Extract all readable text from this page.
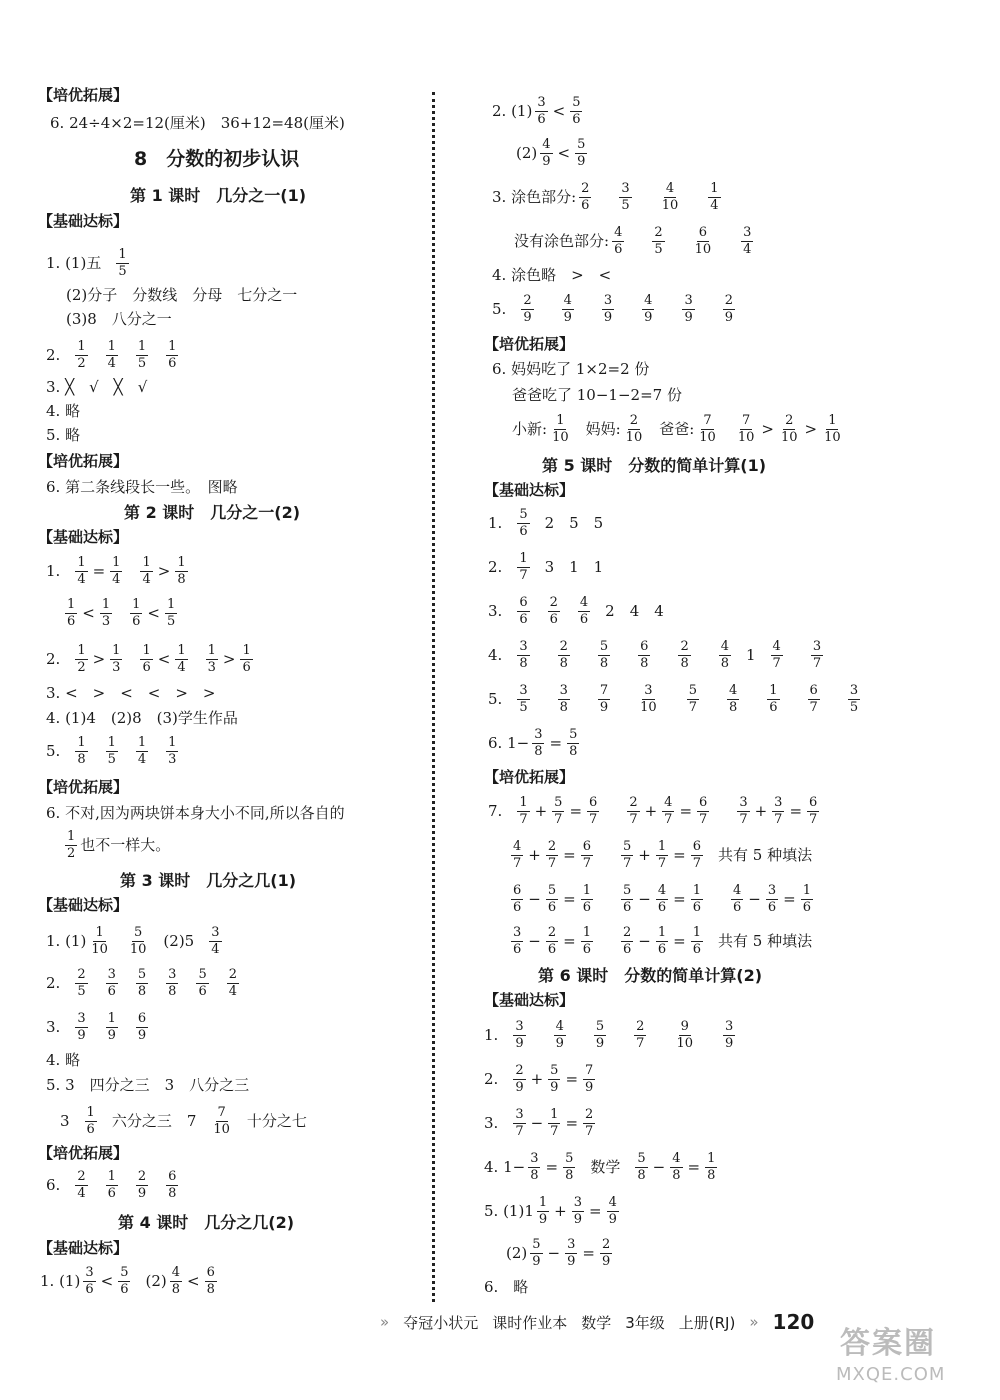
【培优拓展】
6. 24÷4×2=12(厘米)　36+12=48(厘米)
8　分数的初步认识
第 1 课时　几分之一(1)
【基础达标】
1. (1)五 $\frac{1}{5}$
(2)分子　分数线　分母　七分之一
(3)8　八分之一
2. $\frac{1}{2} \frac{1}{4} \frac{1}{5} \frac{1}{6}$
3. ╳　√　╳　√
4. 略
5. 略
【培优拓展】
6. 第二条线段长一些。　图略
第 2 课时　几分之一(2)
【基础达标】
1. $\frac{1}{4} = \frac{1}{4} \frac{1}{4} > \frac{1}{8}$
$\frac{1}{6} < \frac{1}{3} \frac{1}{6} < \frac{1}{5}$
2. $\frac{1}{2} > \frac{1}{3} \frac{1}{6} < \frac{1}{4} \frac{1}{3} > \frac{1}{6}$
3. <　>　<　<　>　>
4. (1)4　(2)8　(3)学生作品
5. $\frac{1}{8} \frac{1}{5} \frac{1}{4} \frac{1}{3}$
【培优拓展】
6. 不对,因为两块饼本身大小不同,所以各自的
$\frac{1}{2}$ 也不一样大。
第 3 课时　几分之几(1)
【基础达标】
1. $(1) \frac{1}{10} \frac{5}{10} (2)5 \frac{3}{4}$
2. $\frac{2}{5} \frac{3}{6} \frac{5}{8} \frac{3}{8} \frac{5}{6} \frac{2}{4}$
3. $\frac{3}{9} \frac{1}{9} \frac{6}{9}$
4. 略
5. 3　四分之三　3　八分之三
$3 \frac{1}{6}$ 六分之三　$7 \frac{7}{10}$ 十分之七
【培优拓展】
6. $\frac{2}{4} \frac{1}{6} \frac{2}{9} \frac{6}{8}$
第 4 课时　几分之几(2)
【基础达标】
1. $(1) \frac{3}{6} < \frac{5}{6} (2) \frac{4}{8} < \frac{6}{8}$
2. $(1) \frac{3}{6} < \frac{5}{6}$
$(2) \frac{4}{9} < \frac{5}{9}$
3. 涂色部分: $\frac{2}{6} \frac{3}{5} \frac{4}{10} \frac{1}{4}$
没有涂色部分: $\frac{4}{6} \frac{2}{5} \frac{6}{10} \frac{3}{4}$
4. 涂色略　>　<
5. $\frac{2}{9} \frac{4}{9} \frac{3}{9} \frac{4}{9} \frac{3}{9} \frac{2}{9}$
【培优拓展】
6. 妈妈吃了 1×2=2 份
爸爸吃了 10−1−2=7 份
小新: $\frac{1}{10}$ 妈妈: $\frac{2}{10}$ 爸爸: $\frac{7}{10} \frac{7}{10} > \frac{2}{10} > \frac{1}{10}$
第 5 课时　分数的简单计算(1)
【基础达标】
1. $\frac{5}{6} 2$　5　5
2. $\frac{1}{7} 3$　1　1
3. $\frac{6}{6} \frac{2}{6} \frac{4}{6} 2$　4　4
4. $\frac{3}{8} \frac{2}{8} \frac{5}{8} \frac{6}{8} \frac{2}{8} \frac{4}{8} 1 \frac{4}{7} \frac{3}{7}$
5. $\frac{3}{5} \frac{3}{8} \frac{7}{9} \frac{3}{10} \frac{5}{7} \frac{4}{8} \frac{1}{6} \frac{6}{7} \frac{3}{5}$
6. $1- \frac{3}{8} = \frac{5}{8}$
【培优拓展】
7. $\frac{1}{7} + \frac{5}{7} = \frac{6}{7} \frac{2}{7} + \frac{4}{7} = \frac{6}{7} \frac{3}{7} + \frac{3}{7} = \frac{6}{7}$
$\frac{4}{7} + \frac{2}{7} = \frac{6}{7} \frac{5}{7} + \frac{1}{7} = \frac{6}{7}$ 共有 5 种填法
$\frac{6}{6} - \frac{5}{6} = \frac{1}{6} \frac{5}{6} - \frac{4}{6} = \frac{1}{6} \frac{4}{6} - \frac{3}{6} = \frac{1}{6}$
$\frac{3}{6} - \frac{2}{6} = \frac{1}{6} \frac{2}{6} - \frac{1}{6} = \frac{1}{6}$ 共有 5 种填法
第 6 课时　分数的简单计算(2)
【基础达标】
1. $\frac{3}{9} \frac{4}{9} \frac{5}{9} \frac{2}{7} \frac{9}{10} \frac{3}{9}$
2. $\frac{2}{9} + \frac{5}{9} = \frac{7}{9}$
3. $\frac{3}{7} - \frac{1}{7} = \frac{2}{7}$
4. $1- \frac{3}{8} = \frac{5}{8}$ 数学 $\frac{5}{8} - \frac{4}{8} = \frac{1}{8}$
5. $(1)1 \frac{1}{9} + \frac{3}{9} = \frac{4}{9}$
$(2) \frac{5}{9} - \frac{3}{9} = \frac{2}{9}$
6.　略
» 夺冠小状元 课时作业本 数学 3年级 上册(RJ) » 120
答案圈
MXQE.COM
